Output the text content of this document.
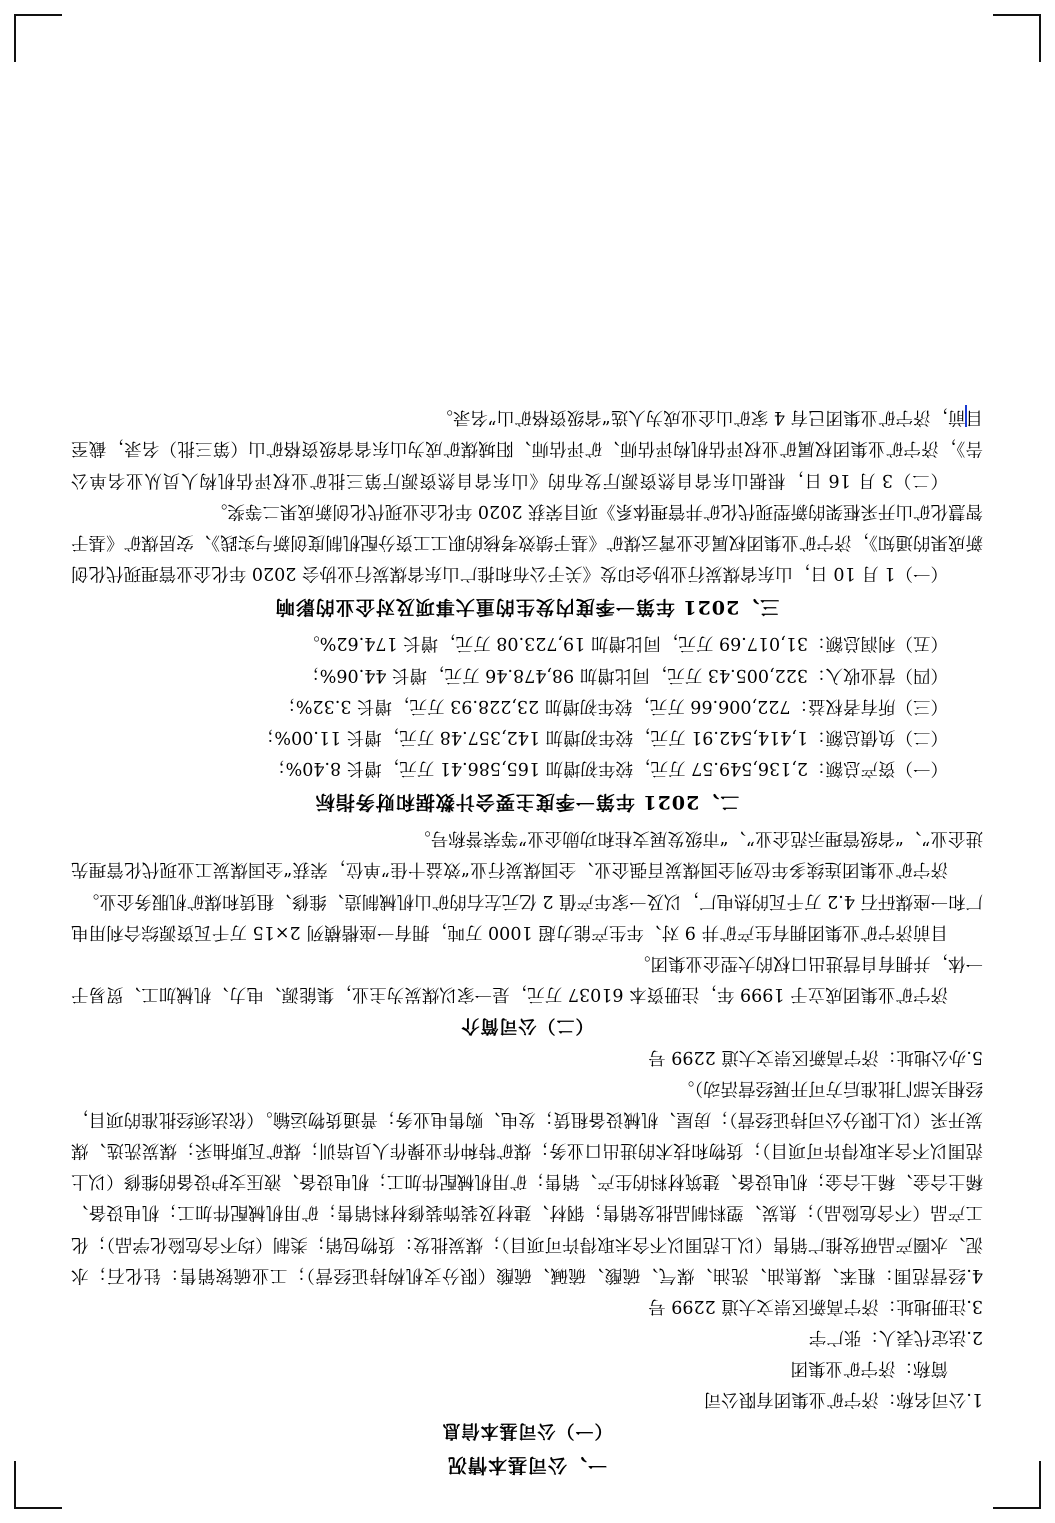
一、公司基本情况
（一）公司基本信息

1.公司名称：济宁矿业集团有限公司

简称：济宁矿业集团

2.法定代表人：张广宇

3.注册地址：济宁高新区崇文大道 2299 号

4.经营范围：粗苯、煤焦油、洗油、煤气、硫酸、硫碱、硫酸（限分支机构持证经营）；工业硫铵销售：钍化石；水泥、水圈产品研发推广销售（以上范围以不含未取得许可项目）；煤炭批发：货物包销；类制（均不含危险化学品）；化工产品（不含危险品）；焦炭、塑料制品批发销售；钢材、建材及装饰装修材料销售；矿用机械配件加工；机电设备、稀土合金、稀土合金；机电设备、建筑材料的生产、销售；矿用机械配件加工；机电设备、液压支护设备的维修（以上范围以不含未取得许可项目）；货物和技术的进出口业务；煤矿特种作业操作人员培训；煤矿瓦斯抽采；煤炭洗选、煤炭开采（以上限分公司持证经营）；房屋、机械设备租赁；发电、购售电业务；普通货物运输。（依法须经批准的项目，经相关部门批准后方可开展经营活动）。

5.办公地址：济宁高新区崇文大道 2299 号

（二）公司简介

济宁矿业集团成立于 1999 年，注册资本 61037 万元，是一家以煤炭为主业，集能源、电力、机械加工、贸易于一体，并拥有自营进出口权的大型企业集团。

目前济宁矿业集团拥有生产矿井 9 对、年生产能力超 1000 万吨，拥有一座楷横列 2×15 万千瓦资源综合利用电厂和一座煤矸石 4.2 万千瓦的热电厂，以及一家年产值 2 亿元左右的矿山机械制造、维修、租赁和煤矿机服务企业。

济宁矿业集团连续多年位列全国煤炭百强企业、全国煤炭行业“效益十佳”单位，荣获“全国煤炭工业现代化管理先进企业”、“省级管理示范企业”、“市级发展支柱和功勋企业”等荣誉称号。

二、2021 年第一季度主要会计数据和财务指标

（一）资产总额：2,136,549.57 万元，较年初增加 165,586.41 万元，增长 8.40%；

（二）负债总额：1,414,542.91 万元，较年初增加 142,357.48 万元，增长 11.00%；

（三）所有者权益：722,006.66 万元，较年初增加 23,228.93 万元，增长 3.32%；

（四）营业收入：322,005.43 万元，同比增加 98,478.46 万元，增长 44.06%；

（五）利润总额：31,017.69 万元，同比增加 19,723.08 万元，增长 174.62%。

三、2021 年第一季度内发生的重大事项及对企业的影响

（一）1 月 10 日，山东省煤炭行业协会印发《关于公布和推广山东省煤炭行业协会 2020 年化企业管理现代化创新成果的通知》，济宁矿业集团权属企业霄云煤矿《基于绩效考核的职工工资分配机制度创新与实践》、安居煤矿《基于智慧化矿山开采框架的新型现代化矿井管理体系》项目荣获 2020 年化企业现代化创新成果二等奖。

（二）3 月 16 日，根据山东省自然资源厅发布的《山东省自然资源厅第三批矿业权评估机构人员从业名单公告》，济宁矿业集团权属矿业权评估机构评估师、矿评估师、阳城煤矿成为山东省省级资格矿山（第三批）名录，截至目前，济宁矿业集团已有 4 家矿山企业成为人选“省级资格矿山”名录。
